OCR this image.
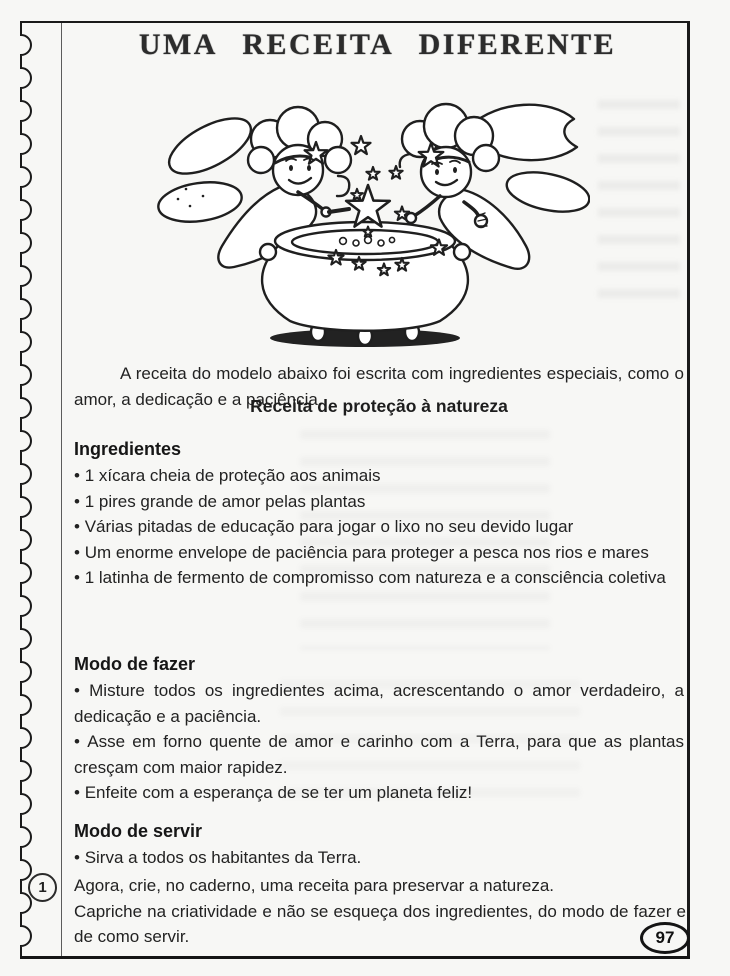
UMA RECEITA DIFERENTE

A receita do modelo abaixo foi escrita com ingredientes especiais, como o amor, a dedicação e a paciência.

Receita de proteção à natureza
Ingredientes

• 1 xícara cheia de proteção aos animais

• 1 pires grande de amor pelas plantas

• Várias pitadas de educação para jogar o lixo no seu devido lugar

• Um enorme envelope de paciência para proteger a pesca nos rios e mares

• 1 latinha de fermento de compromisso com natureza e a consciência coletiva

Modo de fazer

• Misture todos os ingredientes acima, acrescentando o amor verdadeiro, a dedicação e a paciência.

• Asse em forno quente de amor e carinho com a Terra, para que as plantas cresçam com maior rapidez.

• Enfeite com a esperança de se ter um planeta feliz!

Modo de servir

• Sirva a todos os habitantes da Terra.

Agora, crie, no caderno, uma receita para preservar a natureza.

Capriche na criatividade e não se esqueça dos ingredientes, do modo de fazer e de como servir.

1
97
